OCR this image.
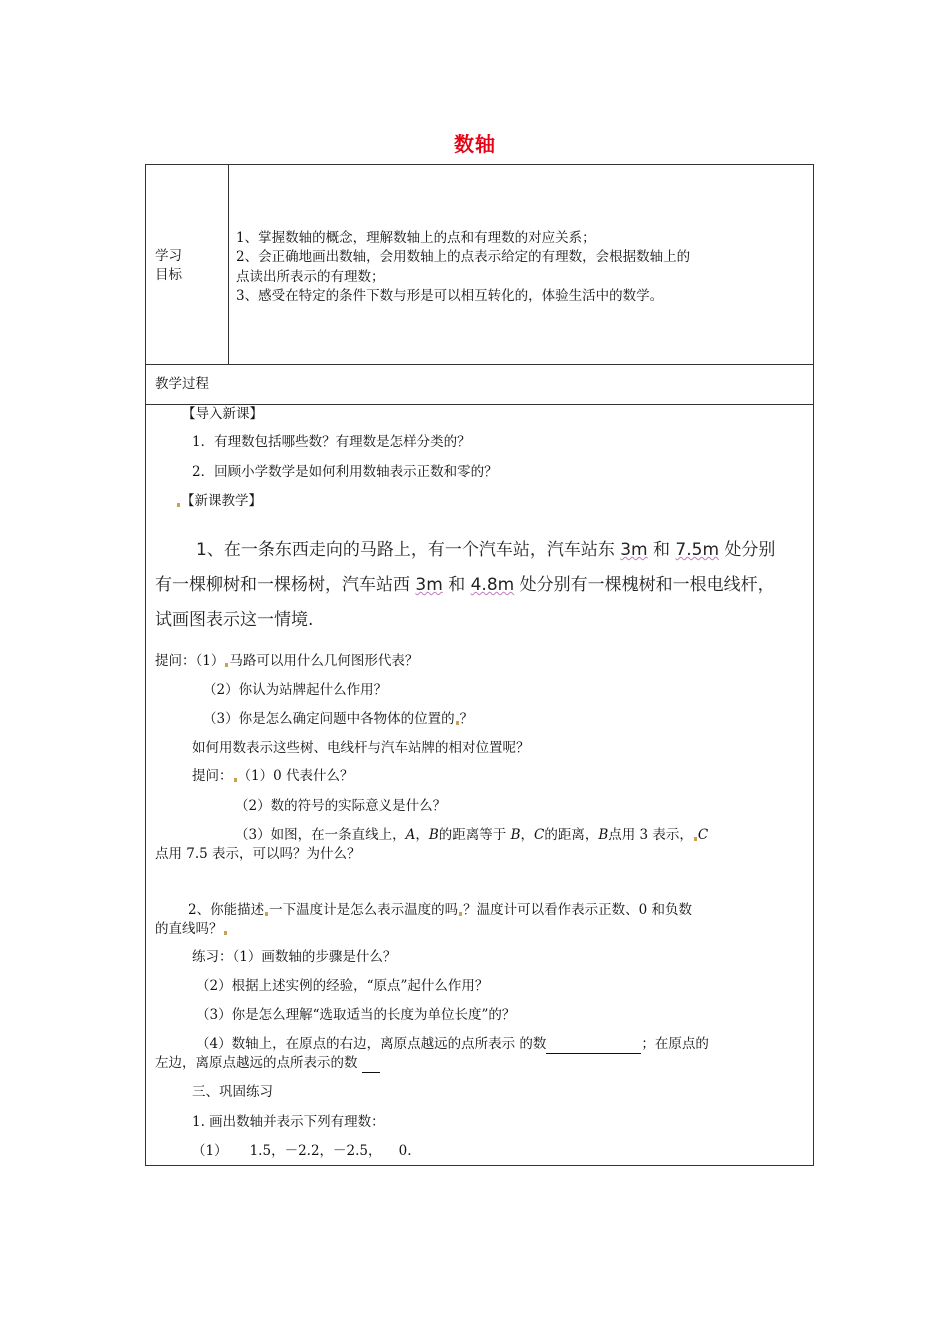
数轴
学习
目标
1、掌握数轴的概念，理解数轴上的点和有理数的对应关系；
2、会正确地画出数轴，会用数轴上的点表示给定的有理数，会根据数轴上的
点读出所表示的有理数；
3、感受在特定的条件下数与形是可以相互转化的，体验生活中的数学。
教学过程
【导入新课】
1．有理数包括哪些数？有理数是怎样分类的？
2．回顾小学数学是如何利用数轴表示正数和零的？
【新课教学】
1、在一条东西走向的马路上，有一个汽车站，汽车站东 3m 和 7.5m 处分别
有一棵柳树和一棵杨树，汽车站西 3m 和 4.8m 处分别有一棵槐树和一根电线杆，
试画图表示这一情境.
提问：（1） 马路可以用什么几何图形代表？
（2）你认为站牌起什么作用？
（3）你是怎么确定问题中各物体的位置的 ？
如何用数表示这些树、电线杆与汽车站牌的相对位置呢？
提问： （1）0 代表什么？
（2）数的符号的实际意义是什么？
（3）如图，在一条直线上，A，B的距离等于 B，C的距离，B点用 3 表示， C
点用 7.5 表示，可以吗？为什么？
2、你能描述 一下温度计是怎么表示温度的吗 ？温度计可以看作表示正数、0 和负数
的直线吗？
练习：（1）画数轴的步骤是什么？
（2）根据上述实例的经验，“原点”起什么作用？
（3）你是怎么理解“选取适当的长度为单位长度”的？
（4）数轴上，在原点的右边，离原点越远的点所表示 的数	；在原点的
左边，离原点越远的点所表示的数
三、巩固练习
1. 画出数轴并表示下列有理数：
（1） 1.5，－2.2，－2.5，    0.
